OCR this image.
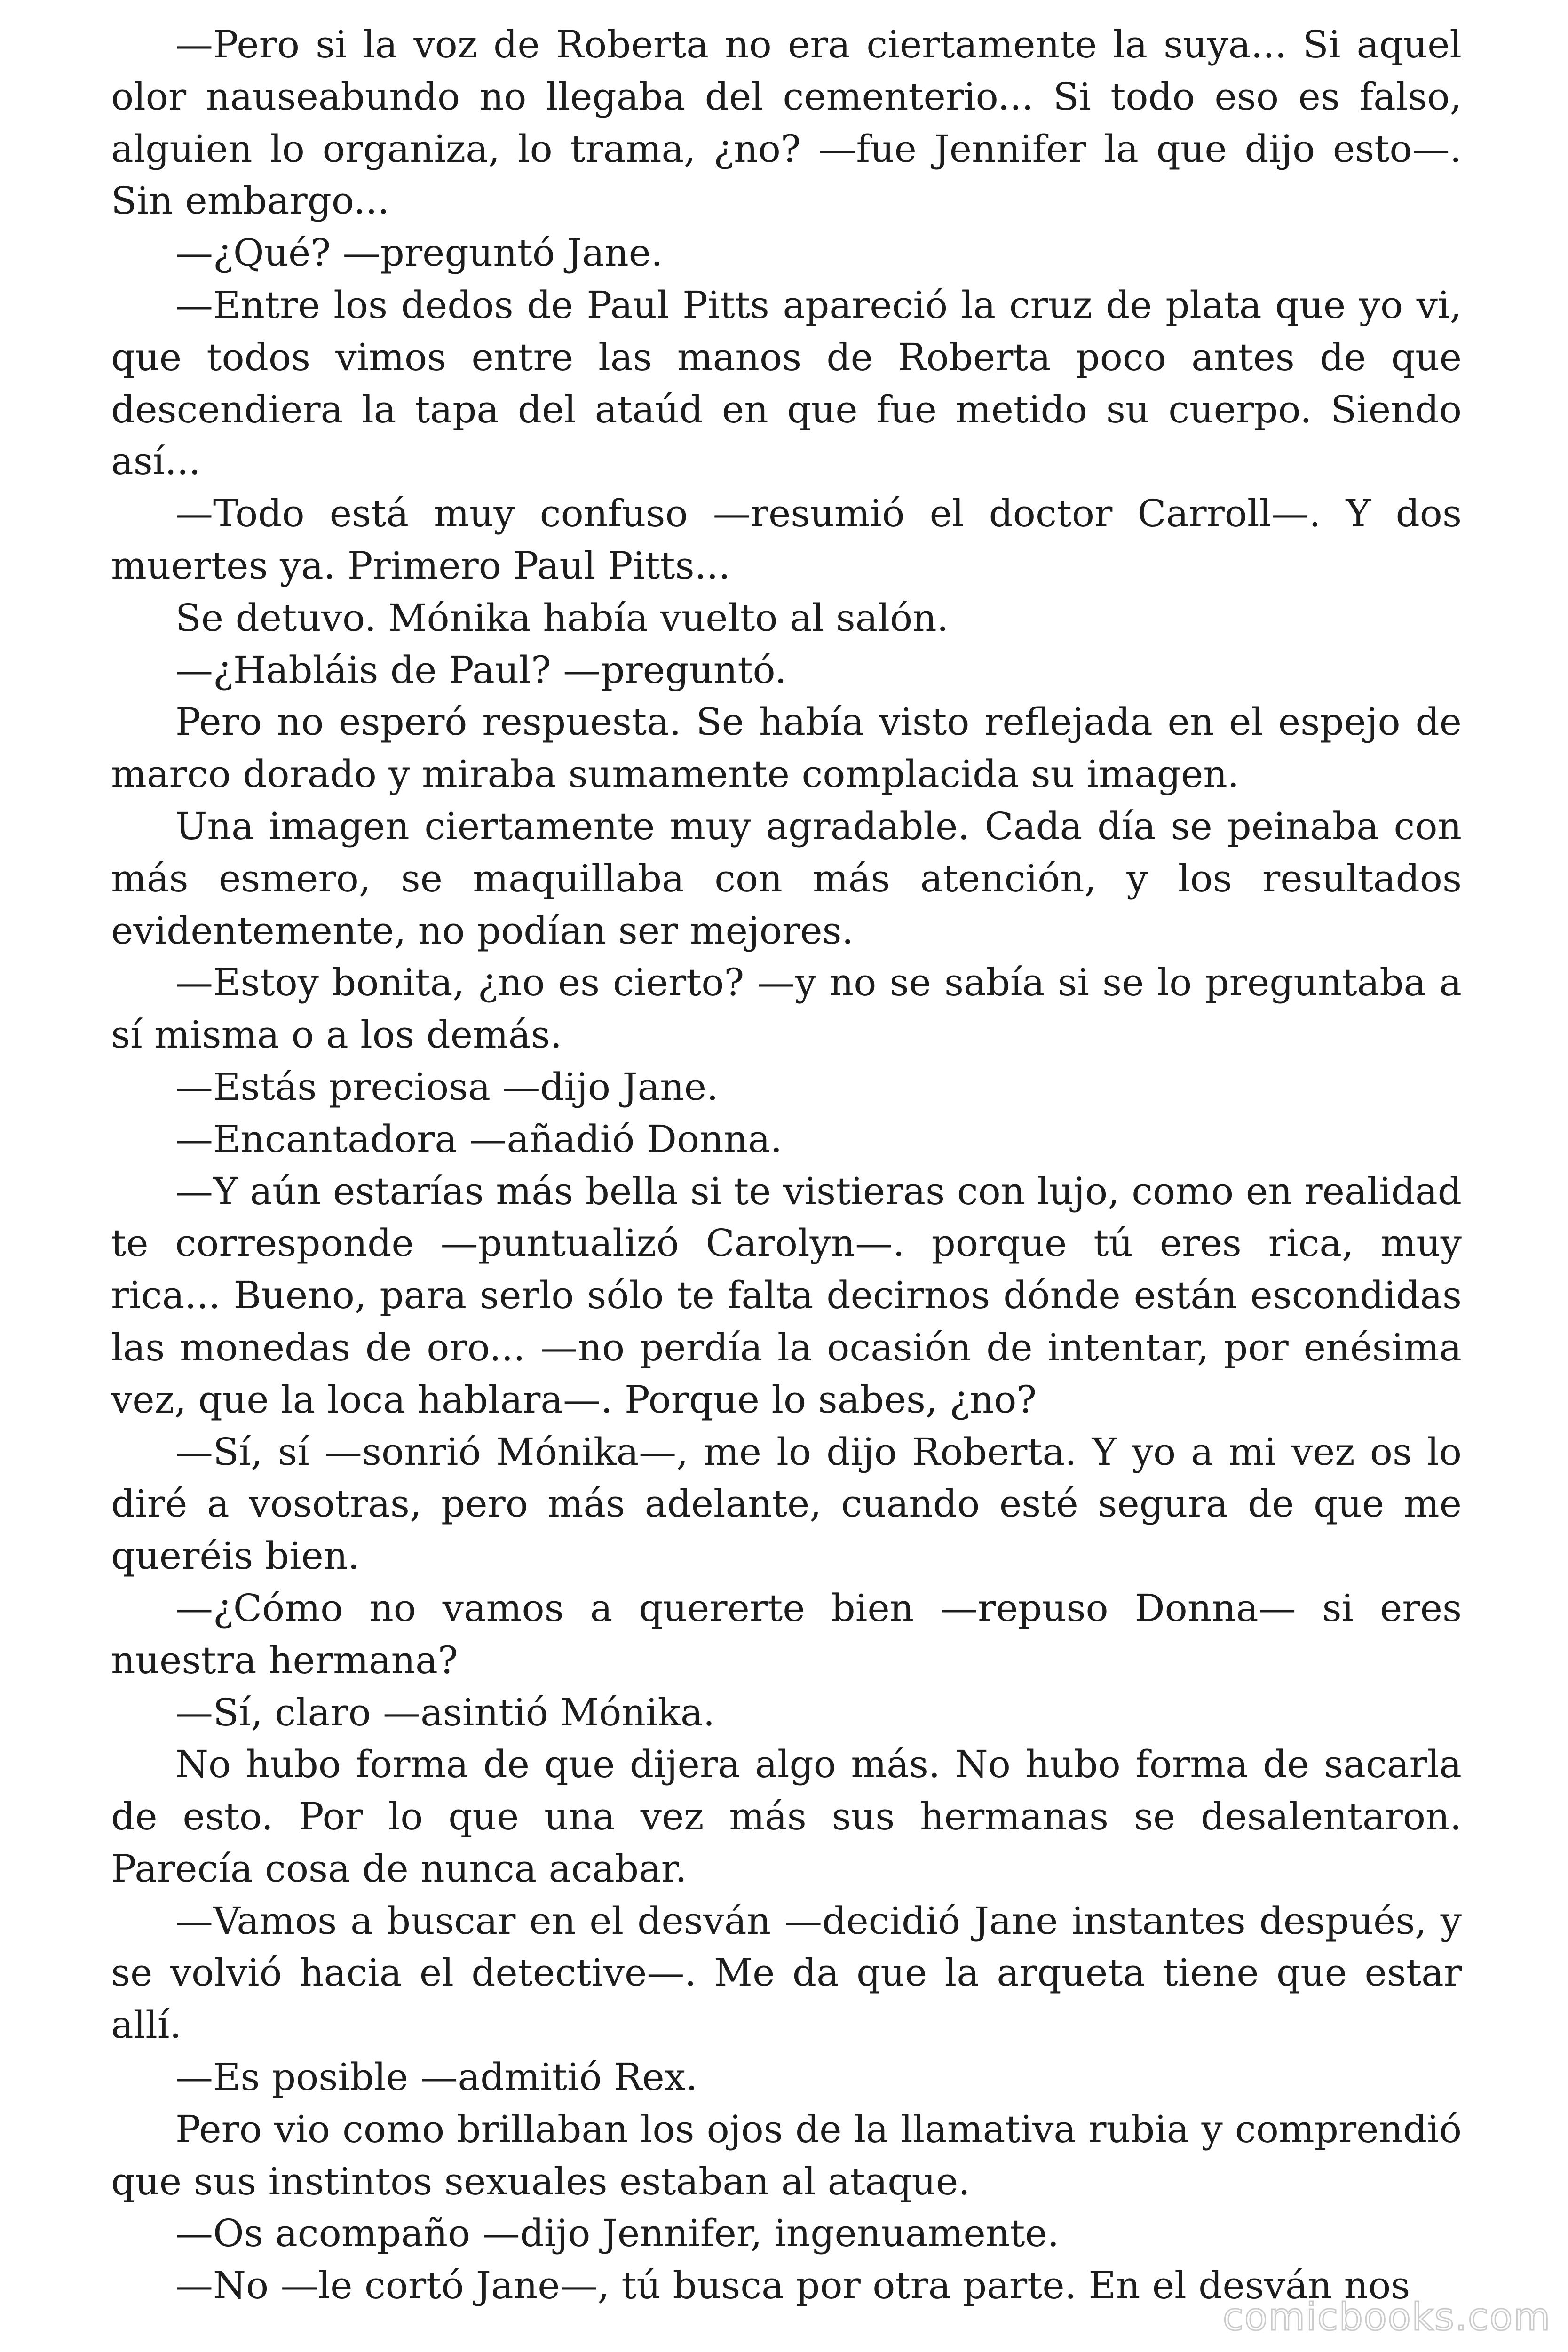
—Pero si la voz de Roberta no era ciertamente la suya... Si aquel olor nauseabundo no llegaba del cementerio... Si todo eso es falso, alguien lo organiza, lo trama, ¿no? —fue Jennifer la que dijo esto—. Sin embargo...

—¿Qué? —preguntó Jane.

—Entre los dedos de Paul Pitts apareció la cruz de plata que yo vi, que todos vimos entre las manos de Roberta poco antes de que descendiera la tapa del ataúd en que fue metido su cuerpo. Siendo así...

—Todo está muy confuso —resumió el doctor Carroll—. Y dos muertes ya. Primero Paul Pitts...

Se detuvo. Mónika había vuelto al salón.

—¿Habláis de Paul? —preguntó.

Pero no esperó respuesta. Se había visto reflejada en el espejo de marco dorado y miraba sumamente complacida su imagen.

Una imagen ciertamente muy agradable. Cada día se peinaba con más esmero, se maquillaba con más atención, y los resultados evidentemente, no podían ser mejores.

—Estoy bonita, ¿no es cierto? —y no se sabía si se lo preguntaba a sí misma o a los demás.

—Estás preciosa —dijo Jane.

—Encantadora —añadió Donna.

—Y aún estarías más bella si te vistieras con lujo, como en realidad te corresponde —puntualizó Carolyn—. porque tú eres rica, muy rica... Bueno, para serlo sólo te falta decirnos dónde están escondidas las monedas de oro... —no perdía la ocasión de intentar, por enésima vez, que la loca hablara—. Porque lo sabes, ¿no?

—Sí, sí —sonrió Mónika—, me lo dijo Roberta. Y yo a mi vez os lo diré a vosotras, pero más adelante, cuando esté segura de que me queréis bien.

—¿Cómo no vamos a quererte bien —repuso Donna— si eres nuestra hermana?

—Sí, claro —asintió Mónika.

No hubo forma de que dijera algo más. No hubo forma de sacarla de esto. Por lo que una vez más sus hermanas se desalentaron. Parecía cosa de nunca acabar.

—Vamos a buscar en el desván —decidió Jane instantes después, y se volvió hacia el detective—. Me da que la arqueta tiene que estar allí.

—Es posible —admitió Rex.

Pero vio como brillaban los ojos de la llamativa rubia y comprendió que sus instintos sexuales estaban al ataque.

—Os acompaño —dijo Jennifer, ingenuamente.

—No —le cortó Jane—, tú busca por otra parte. En el desván nos

comicbooks.com
